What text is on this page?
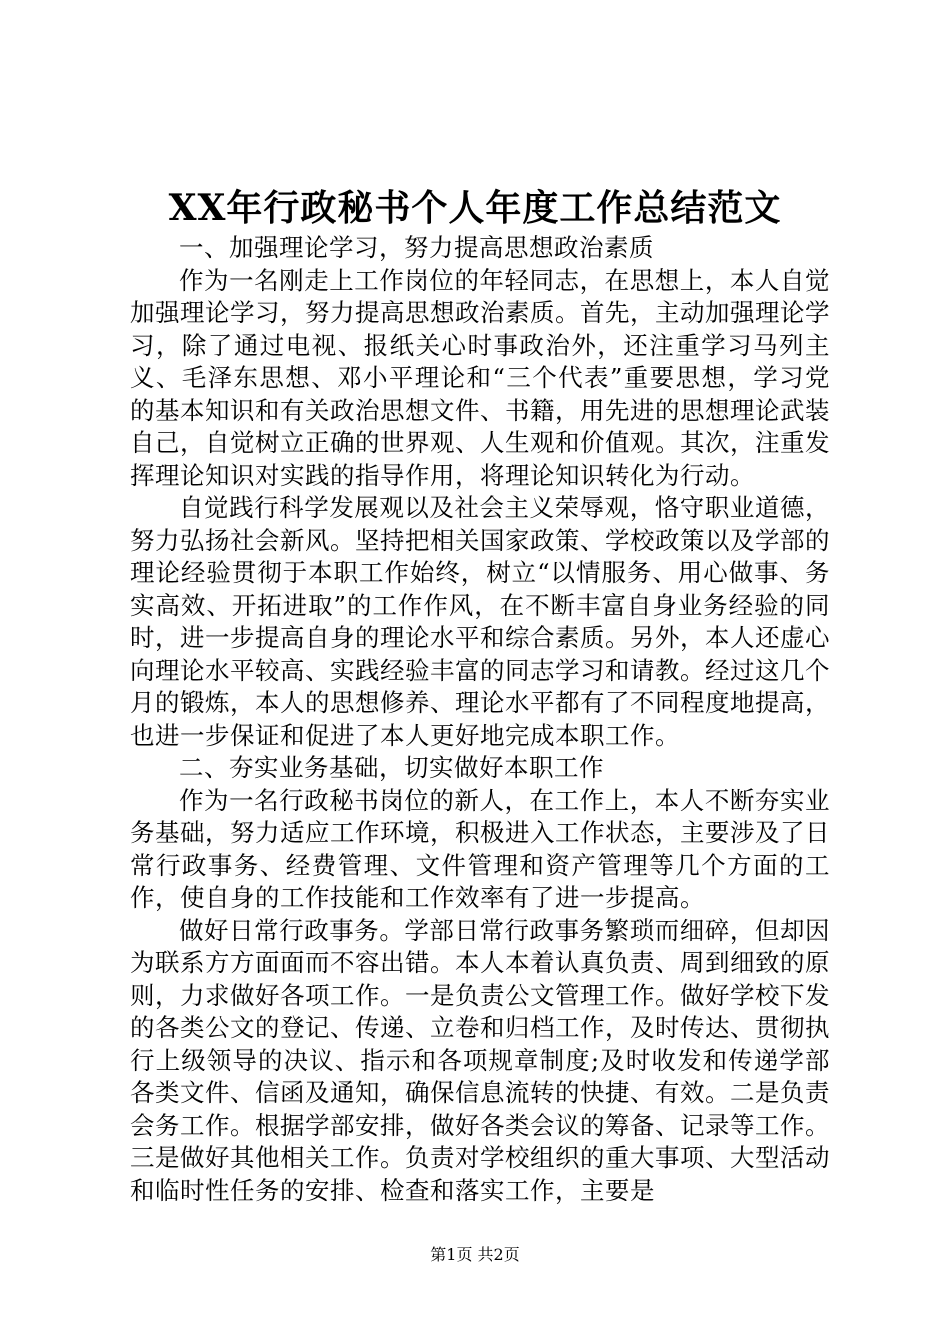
XX年行政秘书个人年度工作总结范文

一、加强理论学习，努力提高思想政治素质

作为一名刚走上工作岗位的年轻同志，在思想上，本人自觉加强理论学习，努力提高思想政治素质。首先，主动加强理论学习，除了通过电视、报纸关心时事政治外，还注重学习马列主义、毛泽东思想、邓小平理论和“三个代表”重要思想，学习党的基本知识和有关政治思想文件、书籍，用先进的思想理论武装自己，自觉树立正确的世界观、人生观和价值观。其次，注重发挥理论知识对实践的指导作用，将理论知识转化为行动。

自觉践行科学发展观以及社会主义荣辱观，恪守职业道德，努力弘扬社会新风。坚持把相关国家政策、学校政策以及学部的理论经验贯彻于本职工作始终，树立“以情服务、用心做事、务实高效、开拓进取”的工作作风，在不断丰富自身业务经验的同时，进一步提高自身的理论水平和综合素质。另外，本人还虚心向理论水平较高、实践经验丰富的同志学习和请教。经过这几个月的锻炼，本人的思想修养、理论水平都有了不同程度地提高，也进一步保证和促进了本人更好地完成本职工作。

二、夯实业务基础，切实做好本职工作

作为一名行政秘书岗位的新人，在工作上，本人不断夯实业务基础，努力适应工作环境，积极进入工作状态，主要涉及了日常行政事务、经费管理、文件管理和资产管理等几个方面的工作，使自身的工作技能和工作效率有了进一步提高。

做好日常行政事务。学部日常行政事务繁琐而细碎，但却因为联系方方面面而不容出错。本人本着认真负责、周到细致的原则，力求做好各项工作。一是负责公文管理工作。做好学校下发的各类公文的登记、传递、立卷和归档工作，及时传达、贯彻执行上级领导的决议、指示和各项规章制度;及时收发和传递学部各类文件、信函及通知，确保信息流转的快捷、有效。二是负责会务工作。根据学部安排，做好各类会议的筹备、记录等工作。三是做好其他相关工作。负责对学校组织的重大事项、大型活动和临时性任务的安排、检查和落实工作，主要是

第1页 共2页
